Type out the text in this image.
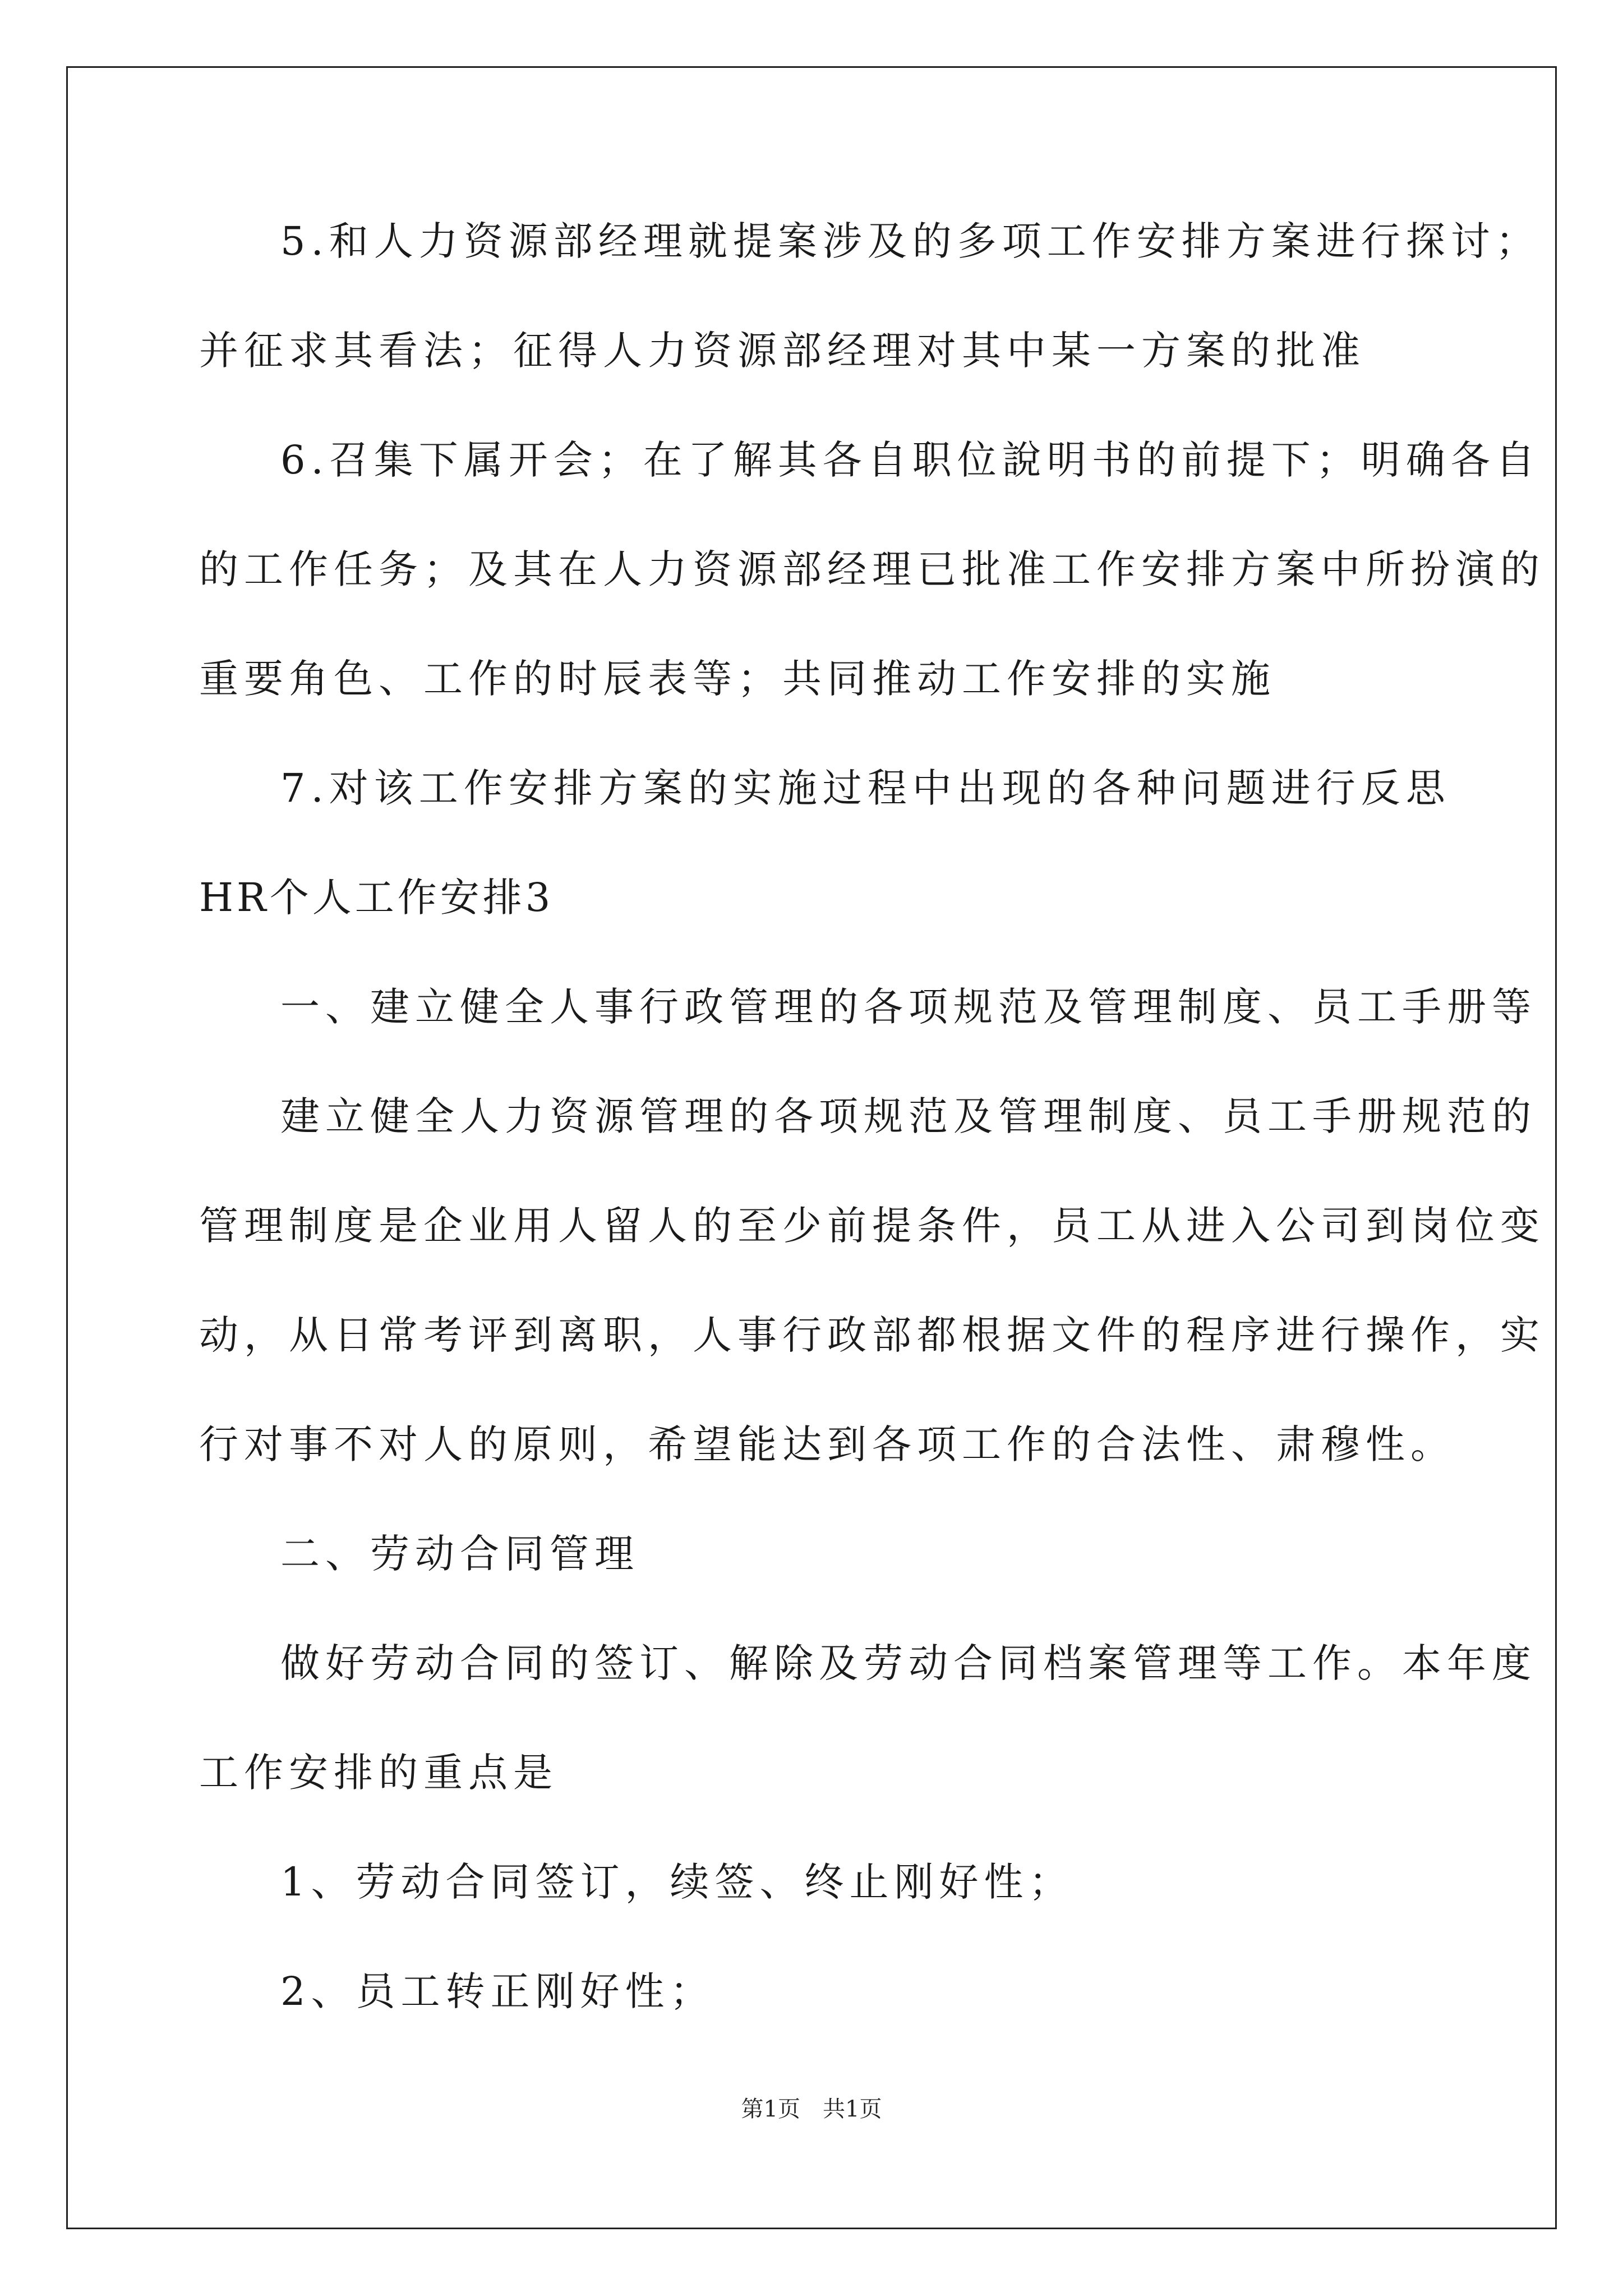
5.和人力资源部经理就提案涉及的多项工作安排方案进行探讨；
并征求其看法；征得人力资源部经理对其中某一方案的批准
6.召集下属开会；在了解其各自职位說明书的前提下；明确各自
的工作任务；及其在人力资源部经理已批准工作安排方案中所扮演的
重要角色、工作的时辰表等；共同推动工作安排的实施
7.对该工作安排方案的实施过程中出现的各种问题进行反思
HR个人工作安排3
一、建立健全人事行政管理的各项规范及管理制度、员工手册等
建立健全人力资源管理的各项规范及管理制度、员工手册规范的
管理制度是企业用人留人的至少前提条件，员工从进入公司到岗位变
动，从日常考评到离职，人事行政部都根据文件的程序进行操作，实
行对事不对人的原则，希望能达到各项工作的合法性、肃穆性。
二、劳动合同管理
做好劳动合同的签订、解除及劳动合同档案管理等工作。本年度
工作安排的重点是
1、劳动合同签订，续签、终止刚好性；
2、员工转正刚好性；
第1页　共1页
